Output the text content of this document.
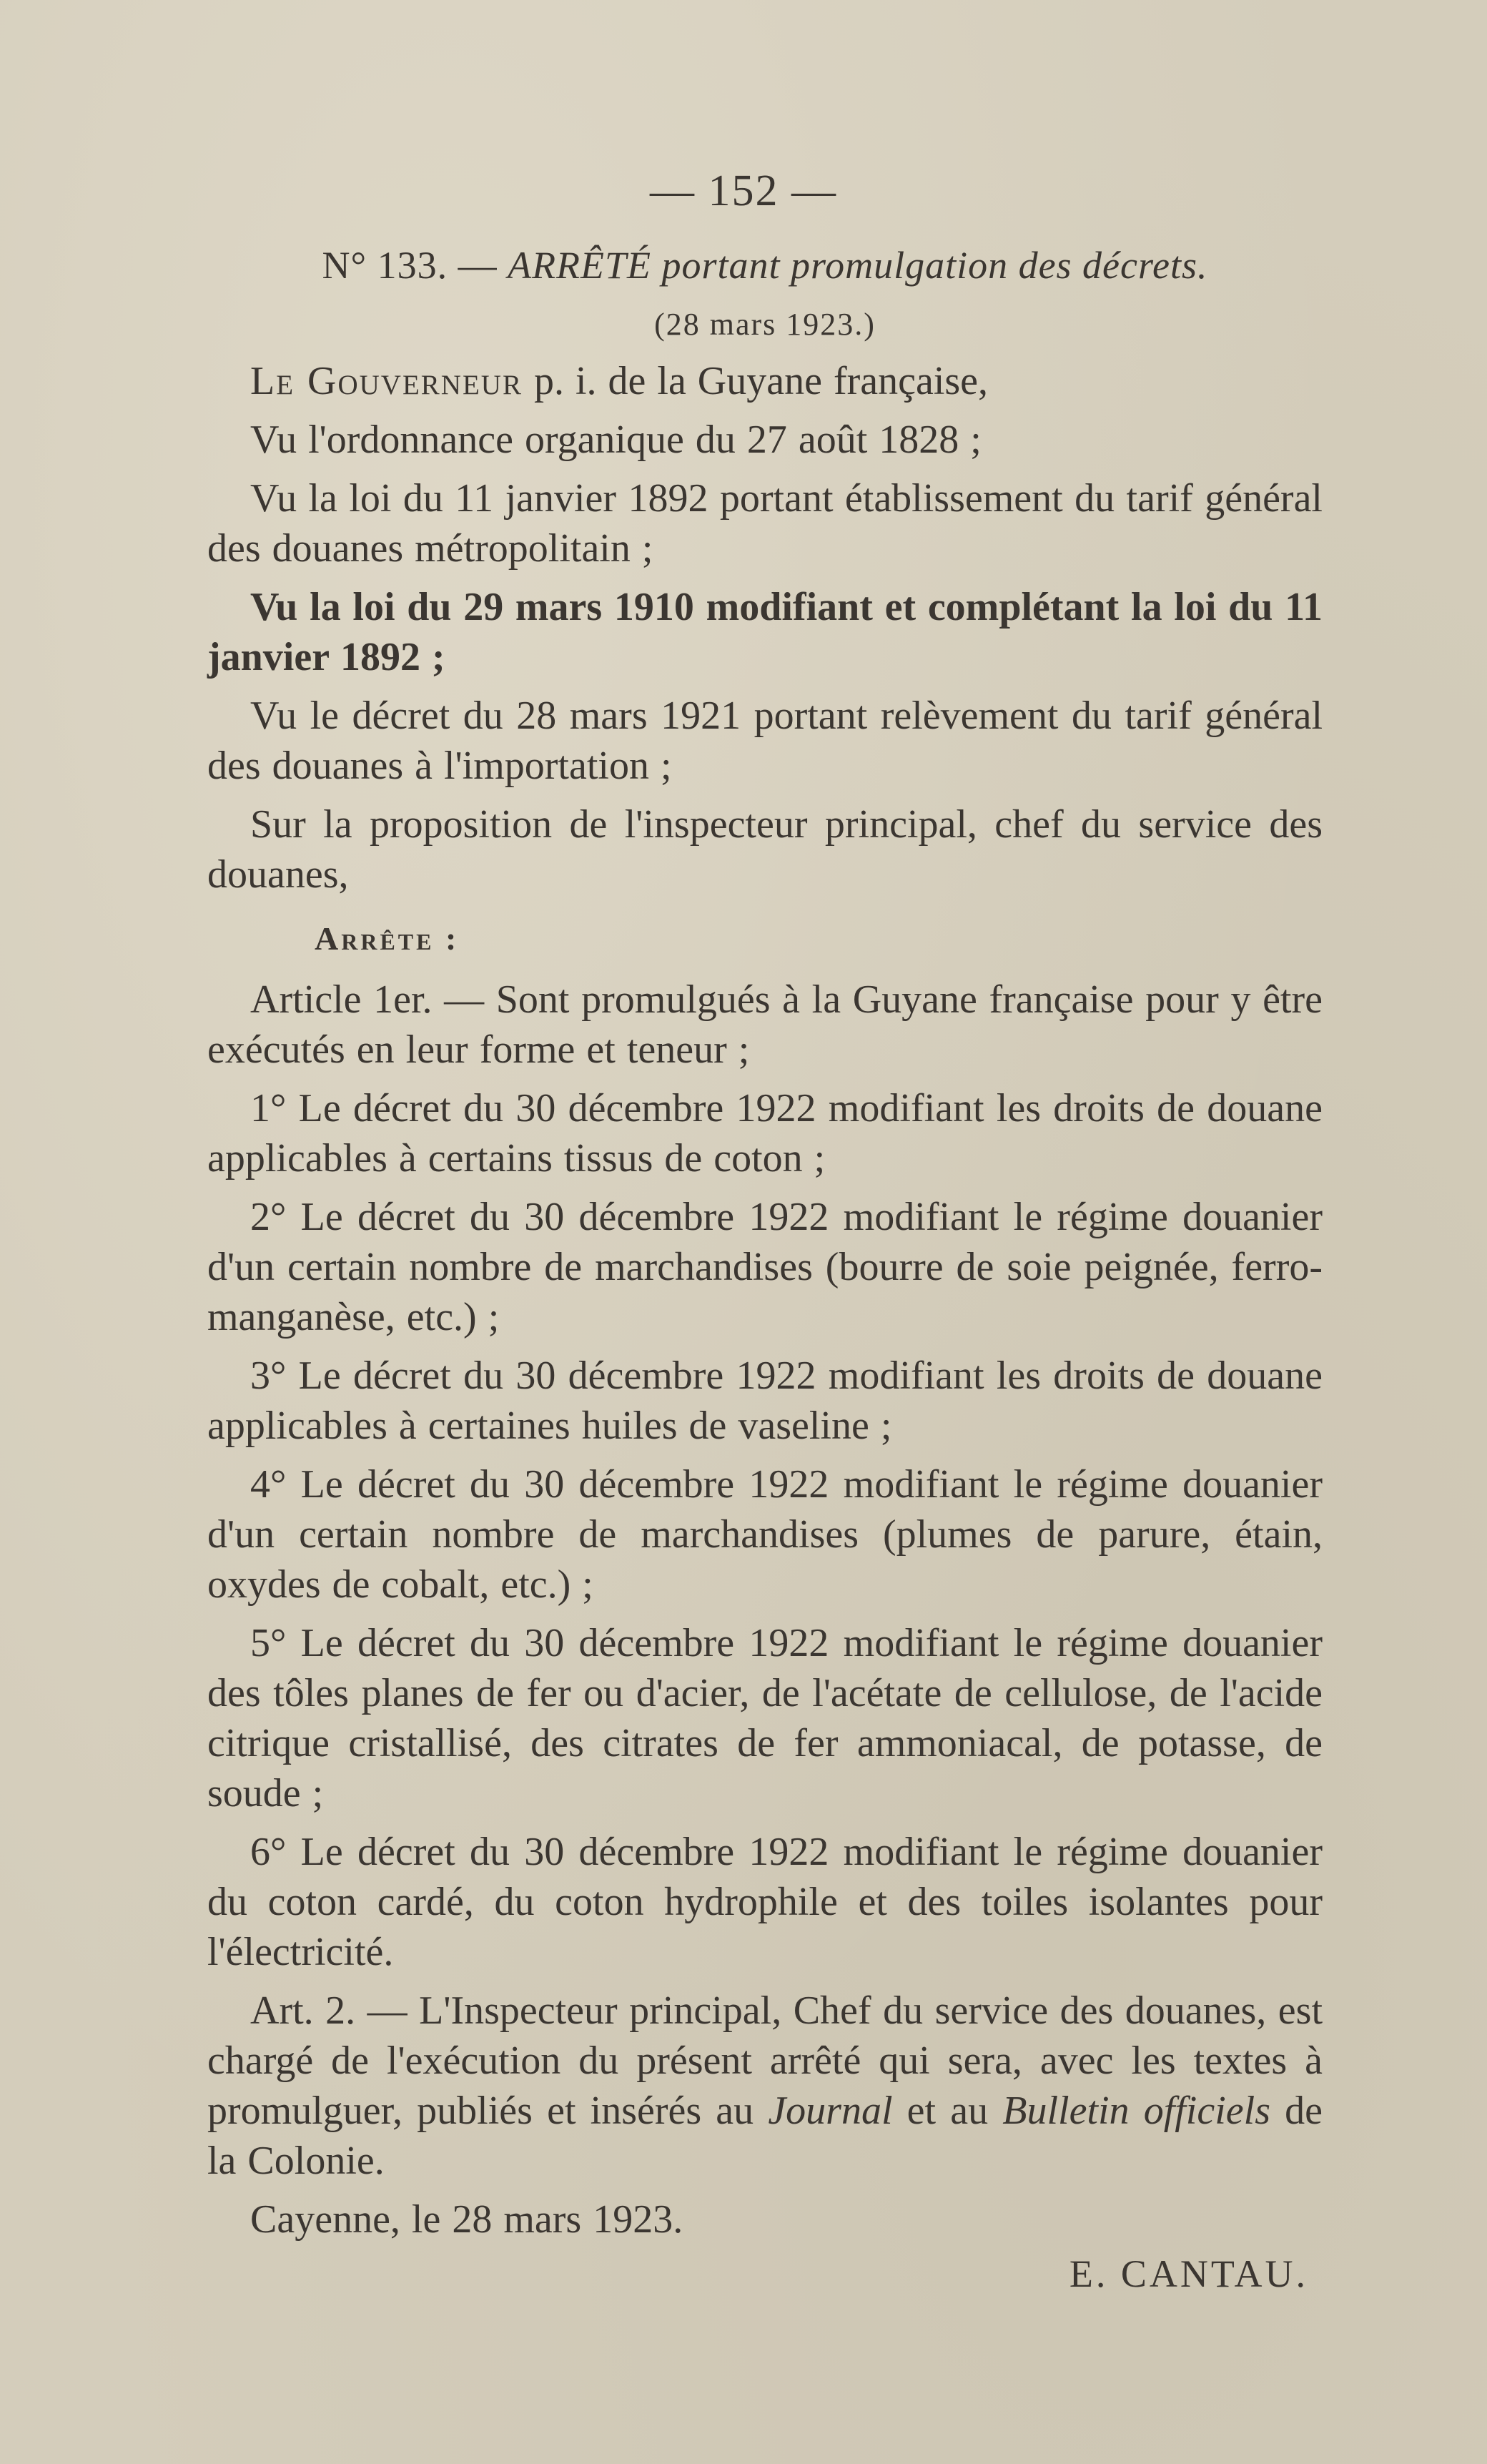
— 152 —
N° 133. — ARRÊTÉ portant promulgation des décrets.
(28 mars 1923.)

Le Gouverneur p. i. de la Guyane française,

Vu l'ordonnance organique du 27 août 1828 ;

Vu la loi du 11 janvier 1892 portant établissement du tarif général des douanes métropolitain ;

Vu la loi du 29 mars 1910 modifiant et complétant la loi du 11 janvier 1892 ;

Vu le décret du 28 mars 1921 portant relèvement du tarif général des douanes à l'importation ;

Sur la proposition de l'inspecteur principal, chef du service des douanes,

Arrête :

Article 1er. — Sont promulgués à la Guyane française pour y être exécutés en leur forme et teneur ;

1° Le décret du 30 décembre 1922 modifiant les droits de douane applicables à certains tissus de coton ;

2° Le décret du 30 décembre 1922 modifiant le régime douanier d'un certain nombre de marchandises (bourre de soie peignée, ferro-manganèse, etc.) ;

3° Le décret du 30 décembre 1922 modifiant les droits de douane applicables à certaines huiles de vaseline ;

4° Le décret du 30 décembre 1922 modifiant le régime douanier d'un certain nombre de marchandises (plumes de parure, étain, oxydes de cobalt, etc.) ;

5° Le décret du 30 décembre 1922 modifiant le régime douanier des tôles planes de fer ou d'acier, de l'acétate de cellulose, de l'acide citrique cristallisé, des citrates de fer ammoniacal, de potasse, de soude ;

6° Le décret du 30 décembre 1922 modifiant le régime douanier du coton cardé, du coton hydrophile et des toiles isolantes pour l'électricité.

Art. 2. — L'Inspecteur principal, Chef du service des douanes, est chargé de l'exécution du présent arrêté qui sera, avec les textes à promulguer, publiés et insérés au Journal et au Bulletin officiels de la Colonie.

Cayenne, le 28 mars 1923.

E. CANTAU.
